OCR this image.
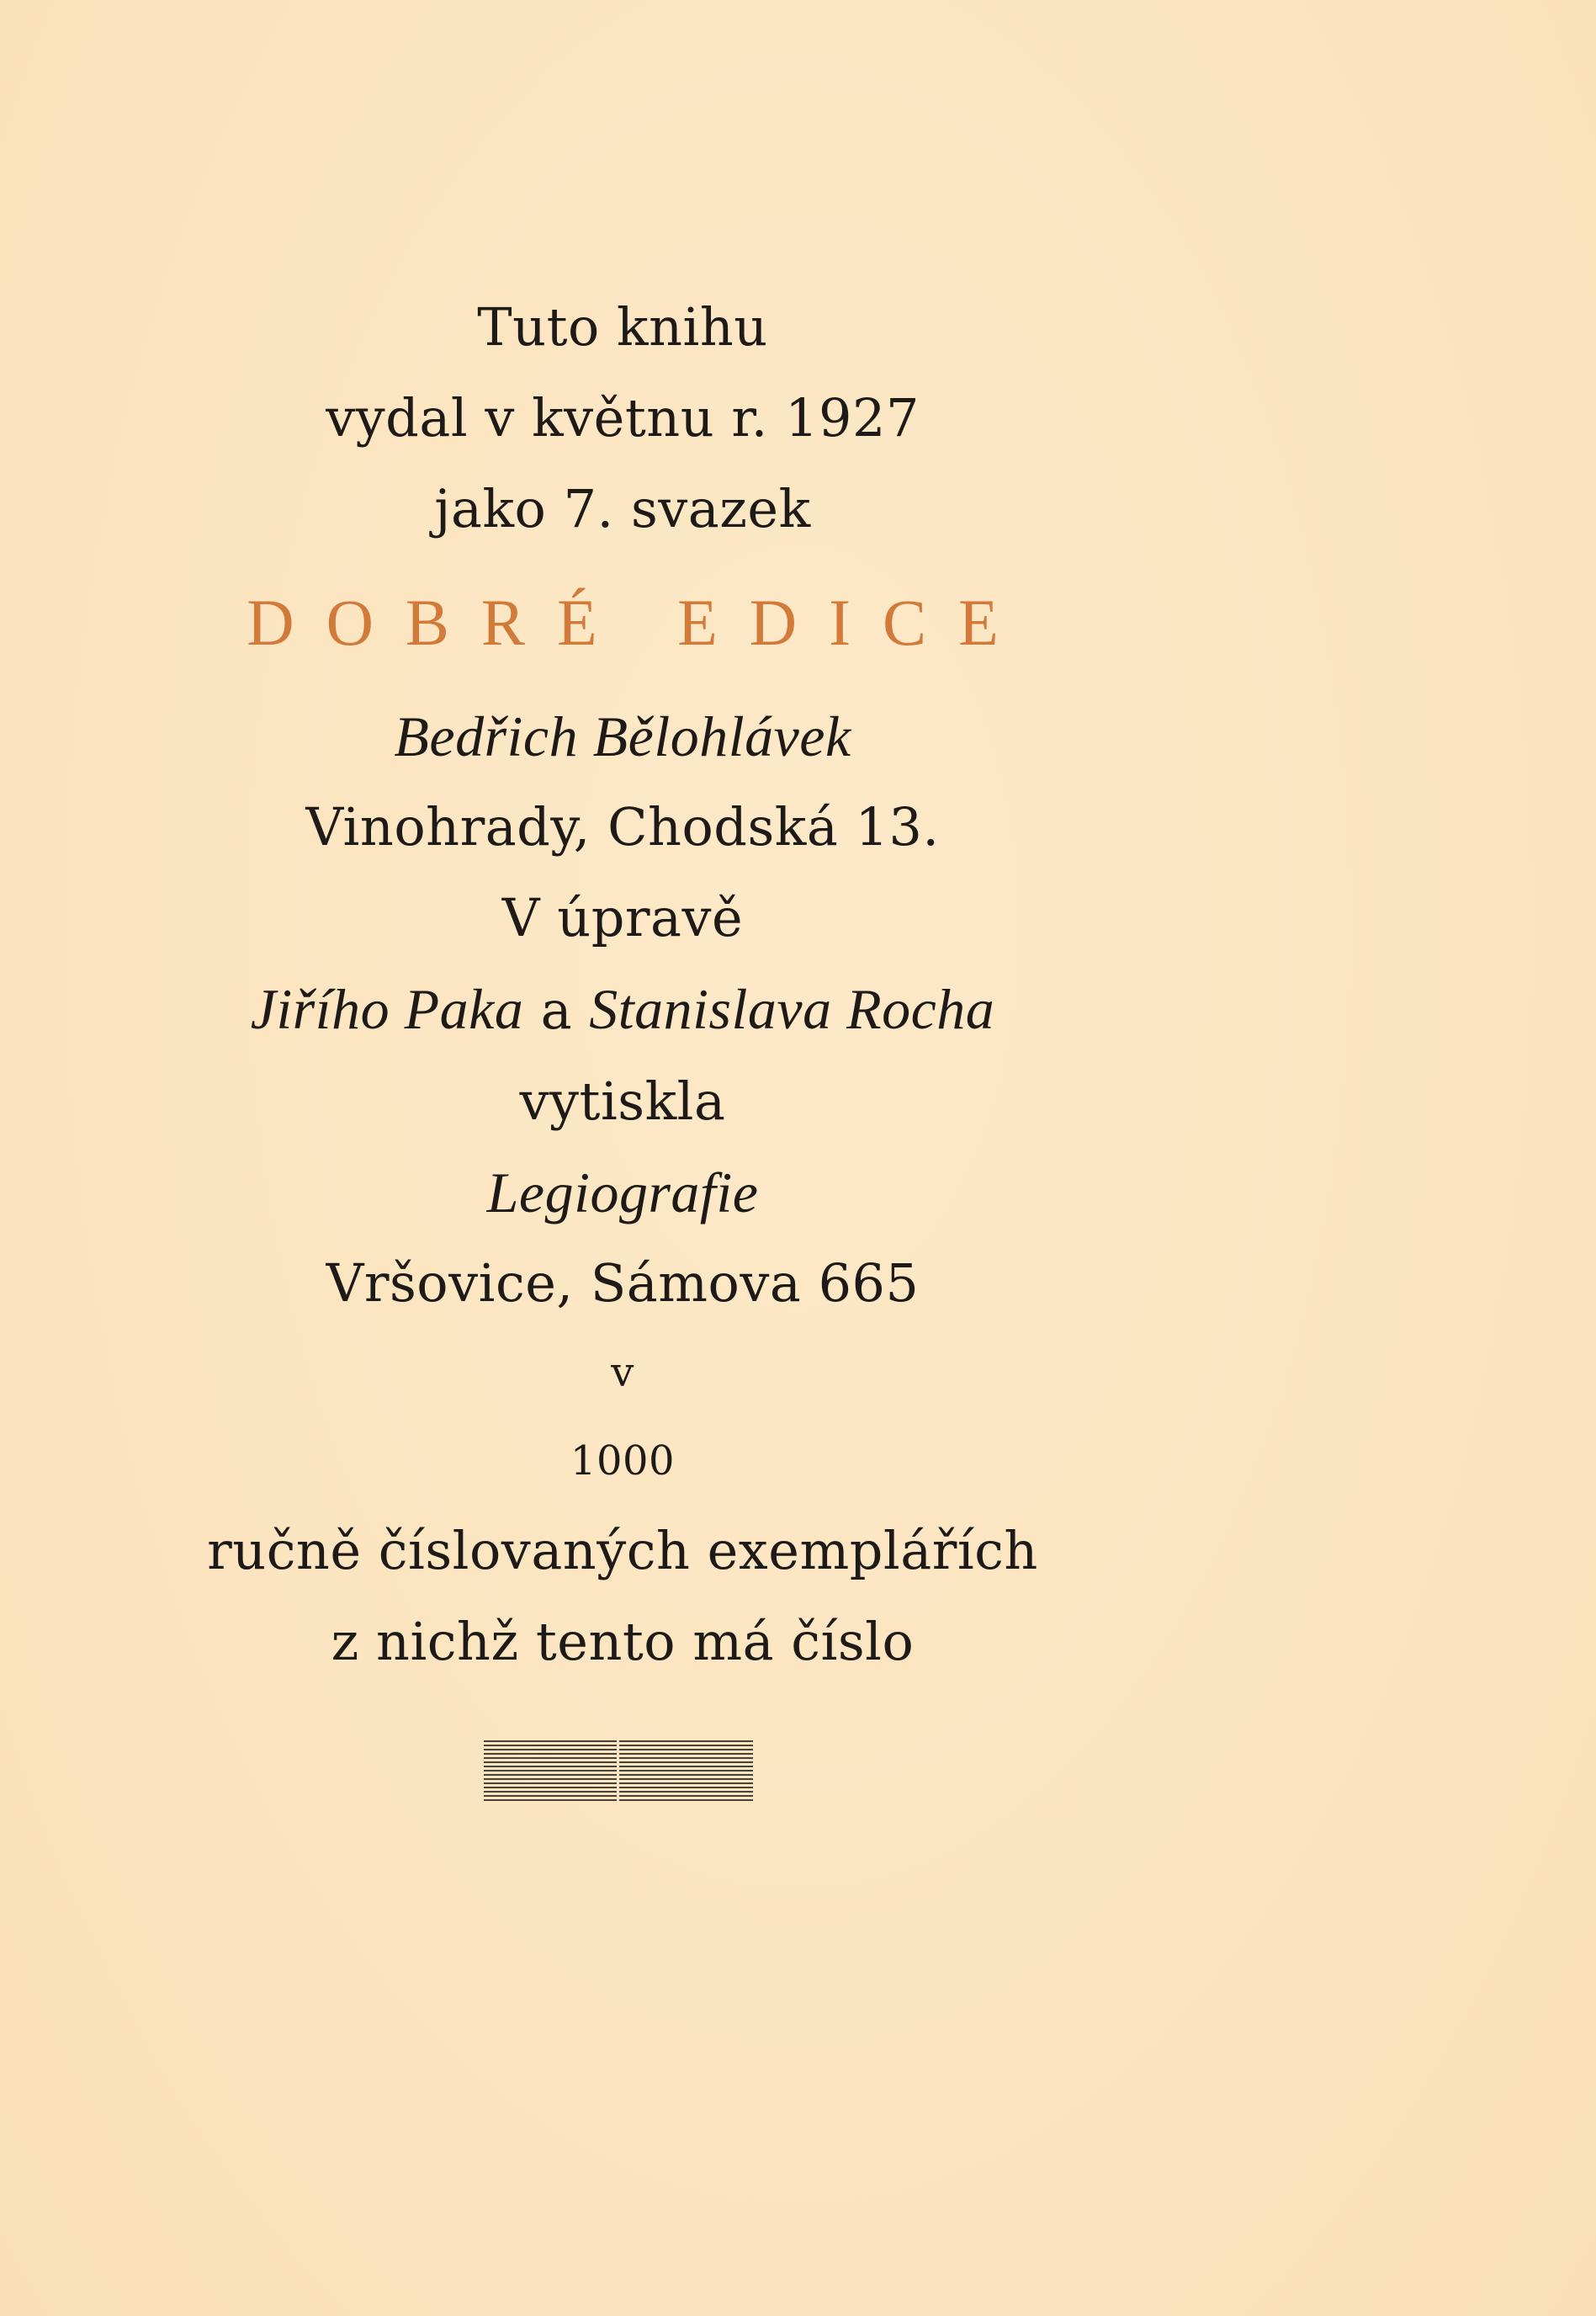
Tuto knihu
vydal v květnu r. 1927
jako 7. svazek
DOBRÉ EDICE
Bedřich Bělohlávek
Vinohrady, Chodská 13.
V úpravě
Jiřího Paka a Stanislava Rocha
vytiskla
Legiografie
Vršovice, Sámova 665
v
1000
ručně číslovaných exemplářích
z nichž tento má číslo
